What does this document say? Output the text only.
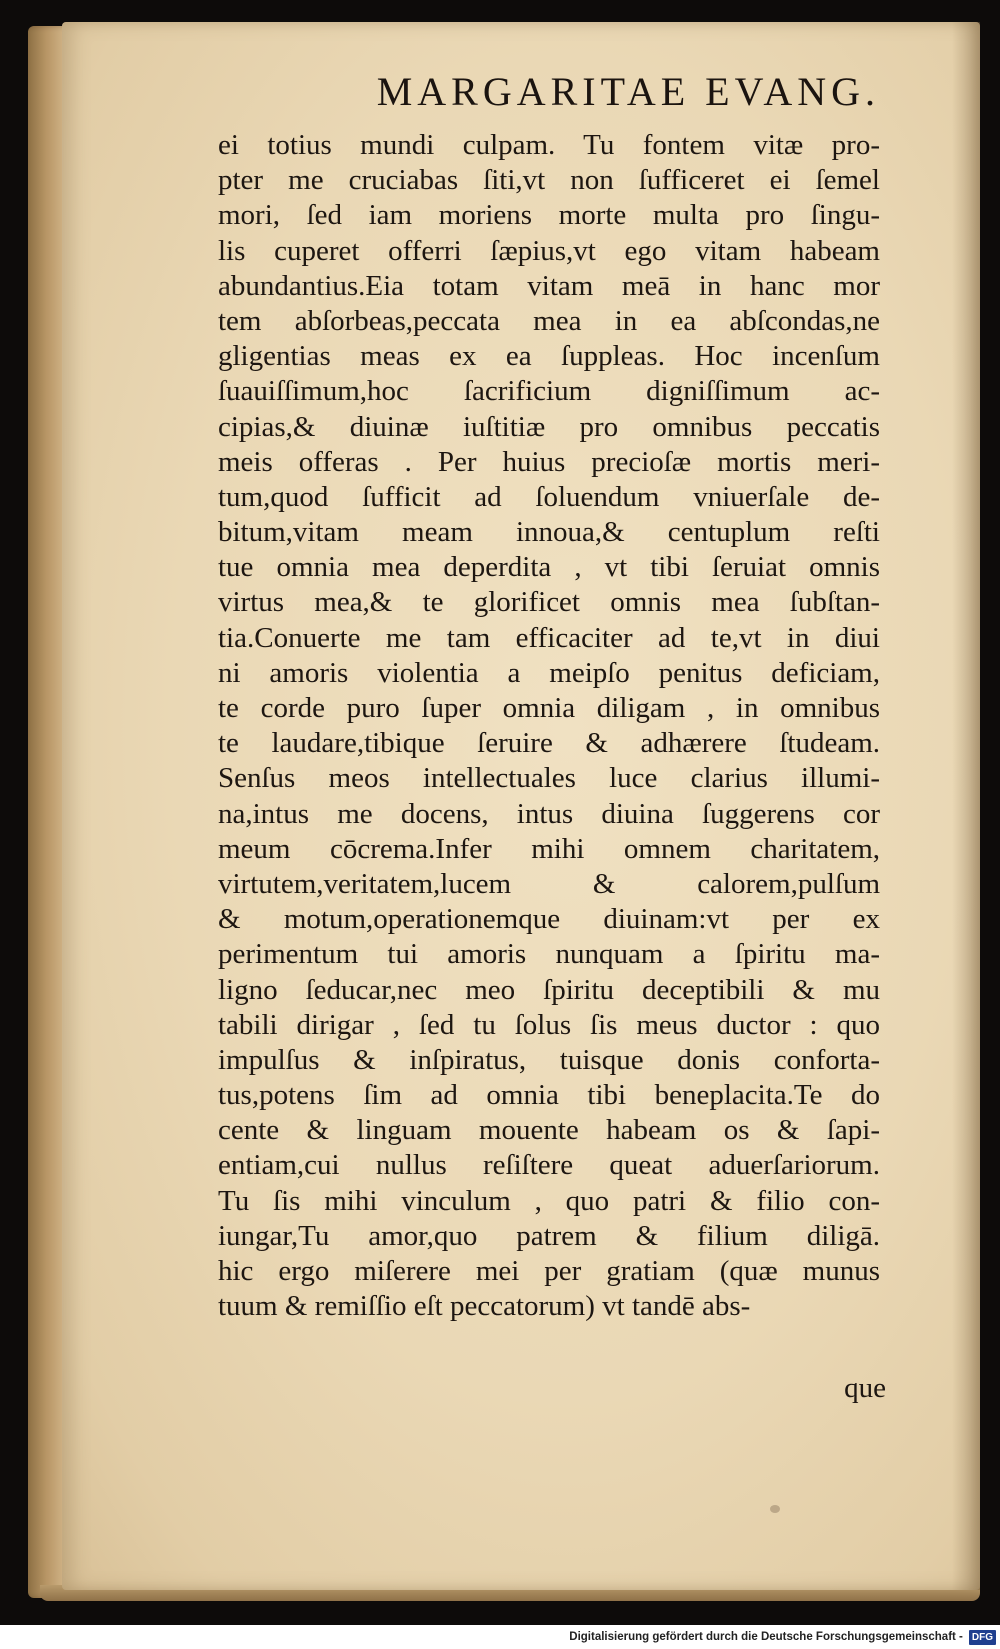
MARGARITAE EVANG.
ei totius mundi culpam. Tu fontem vitæ pro-
pter me cruciabas ſiti,vt non ſufficeret ei ſemel
mori, ſed iam moriens morte multa pro ſingu-
lis cuperet offerri ſæpius,vt ego vitam habeam
abundantius.Eia totam vitam meā in hanc mor
tem abſorbeas,peccata mea in ea abſcondas,ne
gligentias meas ex ea ſuppleas. Hoc incenſum
ſuauiſſimum,hoc ſacrificium digniſſimum ac-
cipias,& diuinæ iuſtitiæ pro omnibus peccatis
meis offeras . Per huius precioſæ mortis meri-
tum,quod ſufficit ad ſoluendum vniuerſale de-
bitum,vitam meam innoua,& centuplum reſti
tue omnia mea deperdita , vt tibi ſeruiat omnis
virtus mea,& te glorificet omnis mea ſubſtan-
tia.Conuerte me tam efficaciter ad te,vt in diui
ni amoris violentia a meipſo penitus deficiam,
te corde puro ſuper omnia diligam , in omnibus
te laudare,tibique ſeruire & adhærere ſtudeam.
Senſus meos intellectuales luce clarius illumi-
na,intus me docens, intus diuina ſuggerens cor
meum cōcrema.Infer mihi omnem charitatem,
virtutem,veritatem,lucem & calorem,pulſum
& motum,operationemque diuinam:vt per ex
perimentum tui amoris nunquam a ſpiritu ma-
ligno ſeducar,nec meo ſpiritu deceptibili & mu
tabili dirigar , ſed tu ſolus ſis meus ductor : quo
impulſus & inſpiratus, tuisque donis conforta-
tus,potens ſim ad omnia tibi beneplacita.Te do
cente & linguam mouente habeam os & ſapi-
entiam,cui nullus reſiſtere queat aduerſariorum.
Tu ſis mihi vinculum , quo patri & filio con-
iungar,Tu amor,quo patrem & filium diligā.
hic ergo miſerere mei per gratiam (quæ munus
tuum & remiſſio eſt peccatorum) vt tandē abs-
que
Digitalisierung gefördert durch die Deutsche Forschungsgemeinschaft - DFG
